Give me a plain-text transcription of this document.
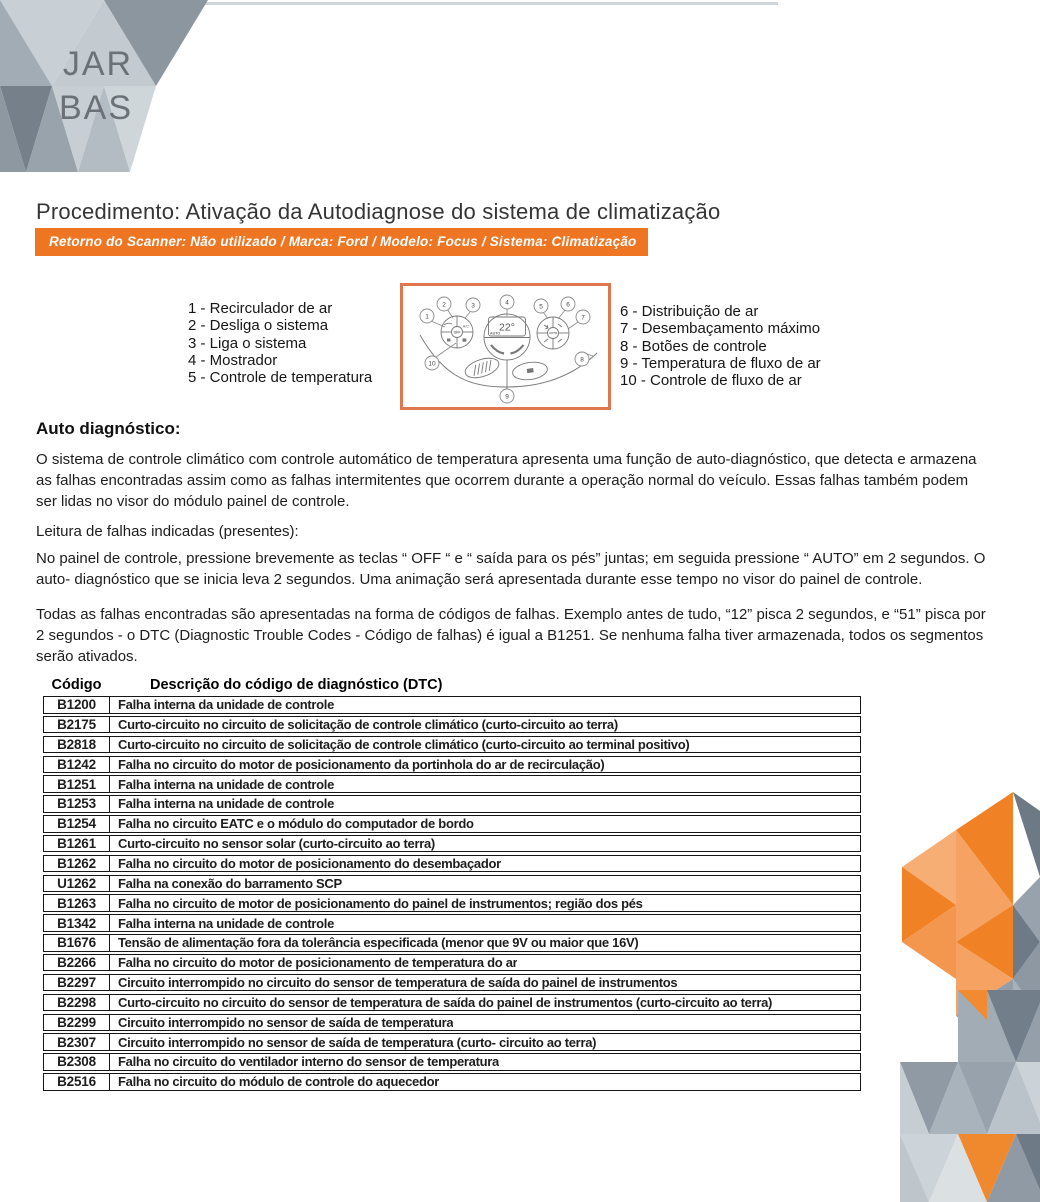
JAR
BAS
Procedimento: Ativação da Autodiagnose do sistema de climatização
Retorno do Scanner: Não utilizado / Marca: Ford / Modelo: Focus / Sistema: Climatização
1 - Recirculador de ar
2 - Desliga o sistema
3 - Liga o sistema
4 - Mostrador
5 - Controle de temperatura
6 - Distribuição de ar
7 - Desembaçamento máximo
8 - Botões de controle
9 - Temperatura de fluxo de ar
10 - Controle de fluxo de ar
22°
AUTO
OFF
A/C
AUTO
1
2	3	4
5	6
7
8
9
10
Auto diagnóstico:
O sistema de controle climático com controle automático de temperatura apresenta uma função de auto-diagnóstico, que detecta e armazena as falhas encontradas assim como as falhas intermitentes que ocorrem durante a operação normal do veículo. Essas falhas também podem ser lidas no visor do módulo painel de controle.
Leitura de falhas indicadas (presentes):
No painel de controle, pressione brevemente as teclas “ OFF “ e “ saída para os pés” juntas; em seguida pressione “ AUTO” em 2 segundos. O auto- diagnóstico que se inicia leva 2 segundos. Uma animação será apresentada durante esse tempo no visor do painel de controle.
Todas as falhas encontradas são apresentadas na forma de códigos de falhas. Exemplo antes de tudo, “12” pisca 2 segundos, e “51” pisca por 2 segundos - o DTC (Diagnostic Trouble Codes - Código de falhas) é igual a B1251. Se nenhuma falha tiver armazenada, todos os segmentos serão ativados.
Código	Descrição do código de diagnóstico (DTC)
B1200	Falha interna da unidade de controle
B2175	Curto-circuito no circuito de solicitação de controle climático (curto-circuito ao terra)
B2818	Curto-circuito no circuito de solicitação de controle climático (curto-circuito ao terminal positivo)
B1242	Falha no circuito do motor de posicionamento da portinhola do ar de recirculação)
B1251	Falha interna na unidade de controle
B1253	Falha interna na unidade de controle
B1254	Falha no circuito EATC e o módulo do computador de bordo
B1261	Curto-circuito no sensor solar (curto-circuito ao terra)
B1262	Falha no circuito do motor de posicionamento do desembaçador
U1262	Falha na conexão do barramento SCP
B1263	Falha no circuito de motor de posicionamento do painel de instrumentos; região dos pés
B1342	Falha interna na unidade de controle
B1676	Tensão de alimentação fora da tolerância especificada (menor que 9V ou maior que 16V)
B2266	Falha no circuito do motor de posicionamento de temperatura do ar
B2297	Circuito interrompido no circuito do sensor de temperatura de saída do painel de instrumentos
B2298	Curto-circuito no circuito do sensor de temperatura de saída do painel de instrumentos (curto-circuito ao terra)
B2299	Circuito interrompido no sensor de saída de temperatura
B2307	Circuito interrompido no sensor de saída de temperatura (curto- circuito ao terra)
B2308	Falha no circuito do ventilador interno do sensor de temperatura
B2516	Falha no circuito do módulo de controle do aquecedor
